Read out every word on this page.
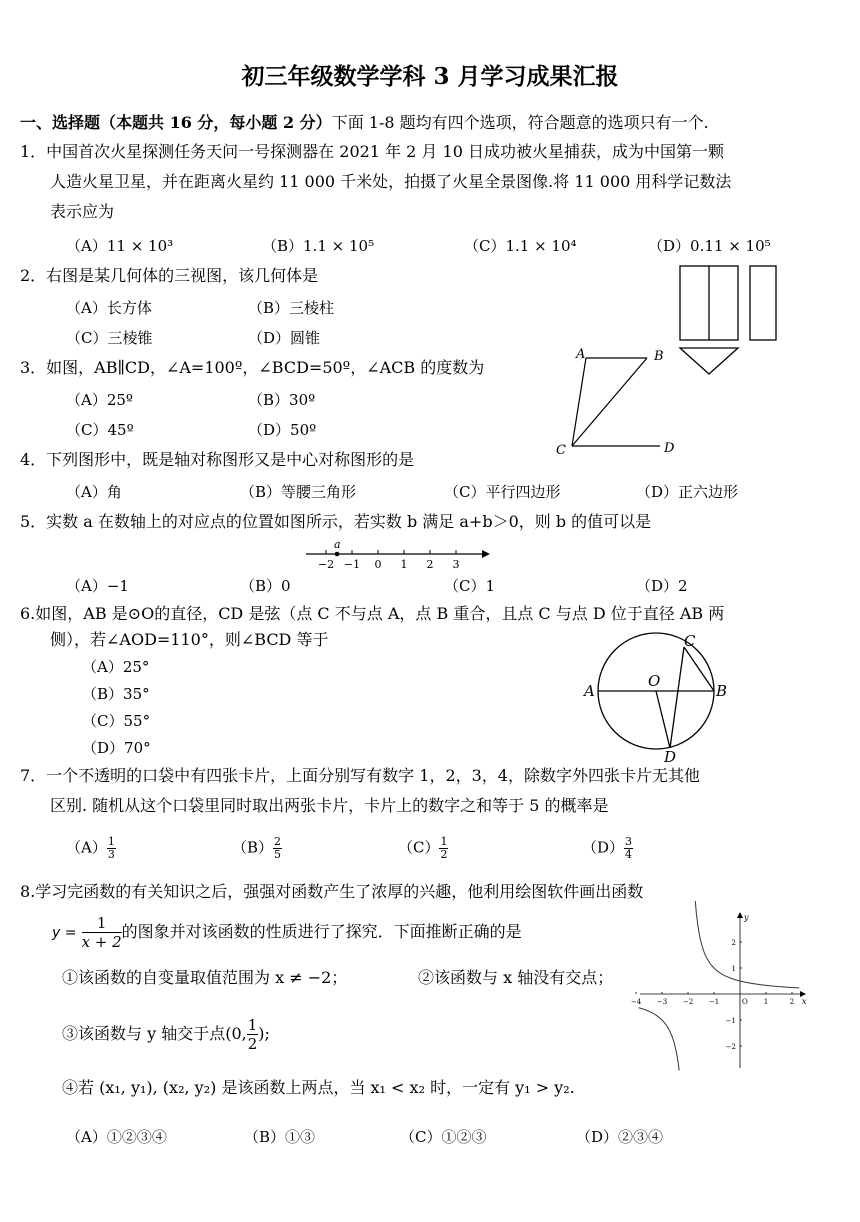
初三年级数学学科 3 月学习成果汇报
一、选择题（本题共 16 分，每小题 2 分）下面 1-8 题均有四个选项，符合题意的选项只有一个.
1．中国首次火星探测任务天问一号探测器在 2021 年 2 月 10 日成功被火星捕获，成为中国第一颗
人造火星卫星，并在距离火星约 11 000 千米处，拍摄了火星全景图像.将 11 000 用科学记数法
表示应为
（A）11 × 10³	（B）1.1 × 10⁵	（C）1.1 × 10⁴	（D）0.11 × 10⁵
2．右图是某几何体的三视图，该几何体是
（A）长方体	（B）三棱柱
（C）三棱锥	（D）圆锥
3．如图，AB∥CD，∠A=100º，∠BCD=50º，∠ACB 的度数为
（A）25º	（B）30º
（C）45º	（D）50º
A	B
C	D
4．下列图形中，既是轴对称图形又是中心对称图形的是
（A）角	（B）等腰三角形	（C）平行四边形	（D）正六边形
5．实数 a 在数轴上的对应点的位置如图所示，若实数 b 满足 a+b＞0，则 b 的值可以是
−2 −1 0 1 2 3
a
（A）−1	（B）0	（C）1	（D）2
6.如图，AB 是⊙O的直径，CD 是弦（点 C 不与点 A，点 B 重合，且点 C 与点 D 位于直径 AB 两
侧），若∠AOD=110°，则∠BCD 等于
（A）25°
（B）35°
（C）55°
（D）70°
A	B
C
D
O
7．一个不透明的口袋中有四张卡片，上面分别写有数字 1，2，3，4，除数字外四张卡片无其他
区别. 随机从这个口袋里同时取出两张卡片，卡片上的数字之和等于 5 的概率是
$(A) \frac{1}{3}$	$(B) \frac{2}{5}$	$(C) \frac{1}{2}$	$(D) \frac{3}{4}$
8.学习完函数的有关知识之后，强强对函数产生了浓厚的兴趣，他利用绘图软件画出函数
$y = \frac{1}{x + 2}$ 的图象并对该函数的性质进行了探究．下面推断正确的是
①该函数的自变量取值范围为 x ≠ −2；	②该函数与 x 轴没有交点；
③该函数与 y 轴交于点(0, $\frac{1}{2}$ );
④若 (x₁, y₁), (x₂, y₂) 是该函数上两点，当 x₁ < x₂ 时，一定有 y₁ > y₂.
（A）①②③④	（B）①③	（C）①②③	（D）②③④
x
y
O
−4 −3 −2 −1	1	2
2
1
−1
−2
